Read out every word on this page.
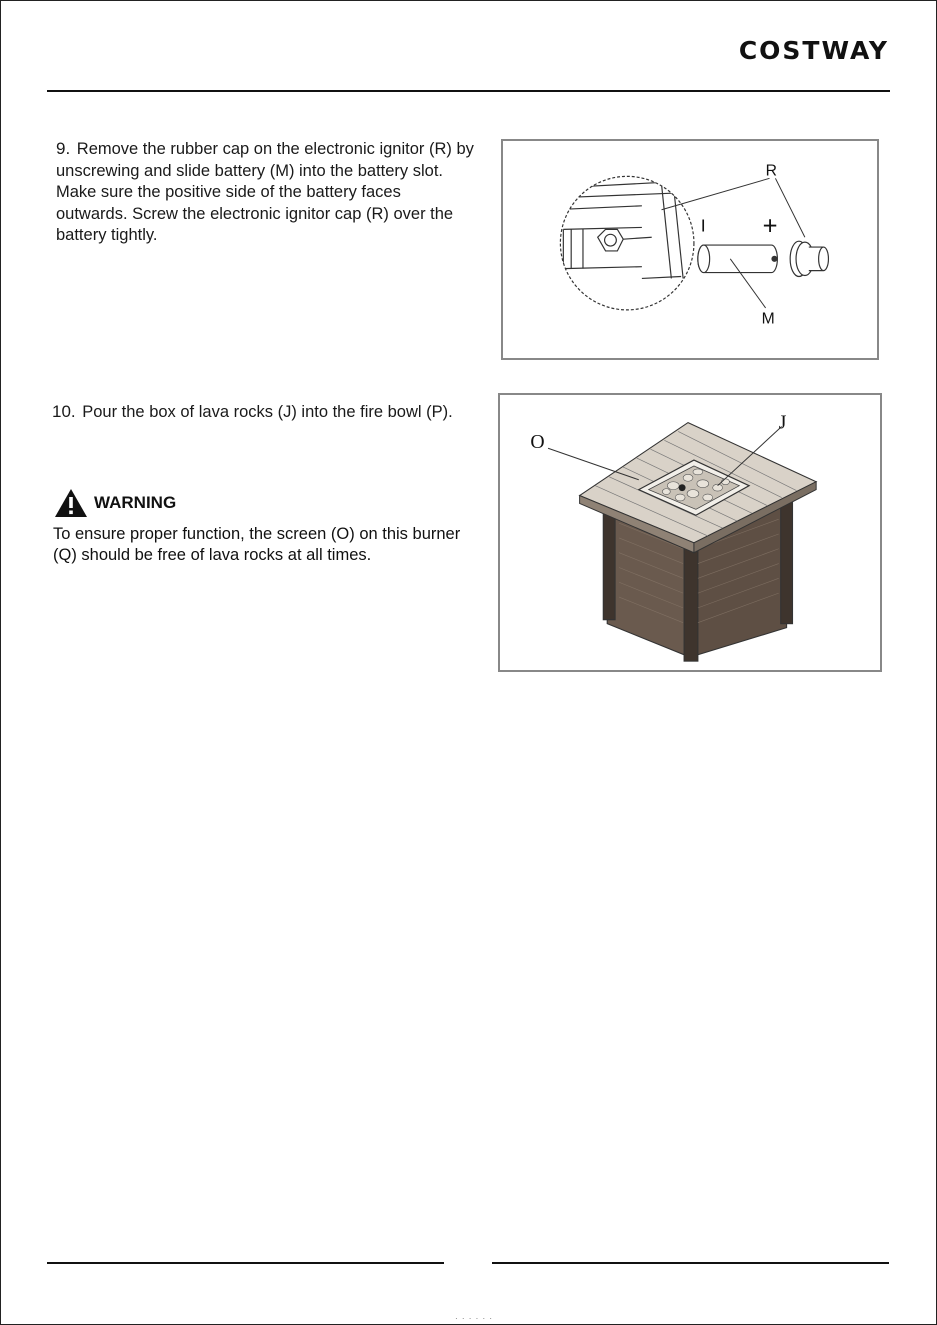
COSTWAY
9. Remove the rubber cap on the electronic ignitor (R) by unscrewing and slide battery (M) into the battery slot. Make sure the positive side of the battery faces outwards. Screw the electronic ignitor cap (R) over the battery tightly.
R
M
I +
10. Pour the box of lava rocks (J) into the fire bowl (P).
WARNING
To ensure proper function, the screen (O) on this burner (Q) should be free of lava rocks at all times.
O
J
· · · · · ·
